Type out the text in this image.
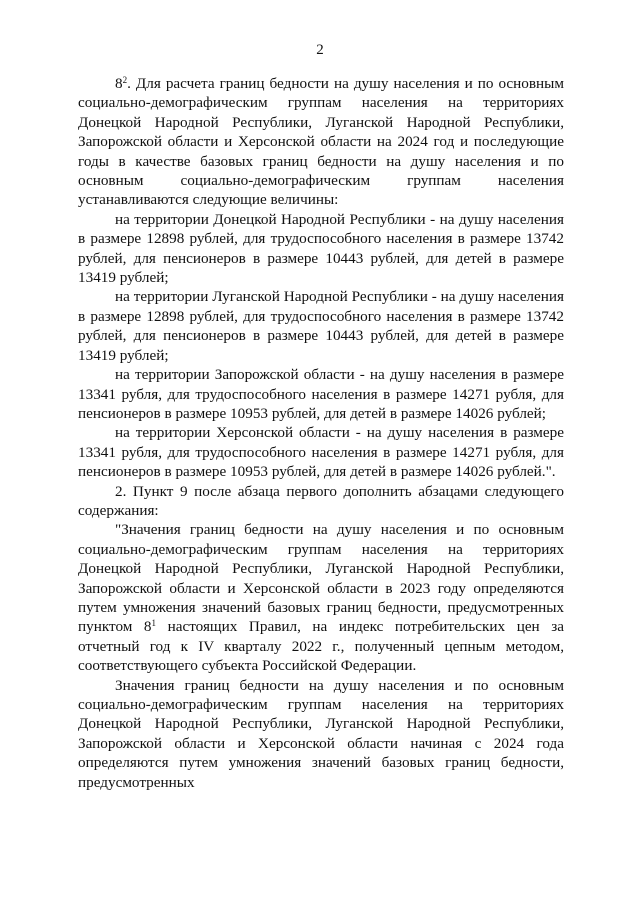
2

$8^2$. Для расчета границ бедности на душу населения и по основным социально-демографическим группам населения на территориях Донецкой Народной Республики, Луганской Народной Республики, Запорожской области и Херсонской области на 2024 год и последующие годы в качестве базовых границ бедности на душу населения и по основным социально-демографическим группам населения устанавливаются следующие величины:

на территории Донецкой Народной Республики - на душу населения в размере 12898 рублей, для трудоспособного населения в размере 13742 рублей, для пенсионеров в размере 10443 рублей, для детей в размере 13419 рублей;

на территории Луганской Народной Республики - на душу населения в размере 12898 рублей, для трудоспособного населения в размере 13742 рублей, для пенсионеров в размере 10443 рублей, для детей в размере 13419 рублей;

на территории Запорожской области - на душу населения в размере 13341 рубля, для трудоспособного населения в размере 14271 рубля, для пенсионеров в размере 10953 рублей, для детей в размере 14026 рублей;

на территории Херсонской области - на душу населения в размере 13341 рубля, для трудоспособного населения в размере 14271 рубля, для пенсионеров в размере 10953 рублей, для детей в размере 14026 рублей.".

2. Пункт 9 после абзаца первого дополнить абзацами следующего содержания:

"Значения границ бедности на душу населения и по основным социально-демографическим группам населения на территориях Донецкой Народной Республики, Луганской Народной Республики, Запорожской области и Херсонской области в 2023 году определяются путем умножения значений базовых границ бедности, предусмотренных пунктом $8^1$ настоящих Правил, на индекс потребительских цен за отчетный год к IV кварталу 2022 г., полученный цепным методом, соответствующего субъекта Российской Федерации.

Значения границ бедности на душу населения и по основным социально-демографическим группам населения на территориях Донецкой Народной Республики, Луганской Народной Республики, Запорожской области и Херсонской области начиная с 2024 года определяются путем умножения значений базовых границ бедности, предусмотренных
